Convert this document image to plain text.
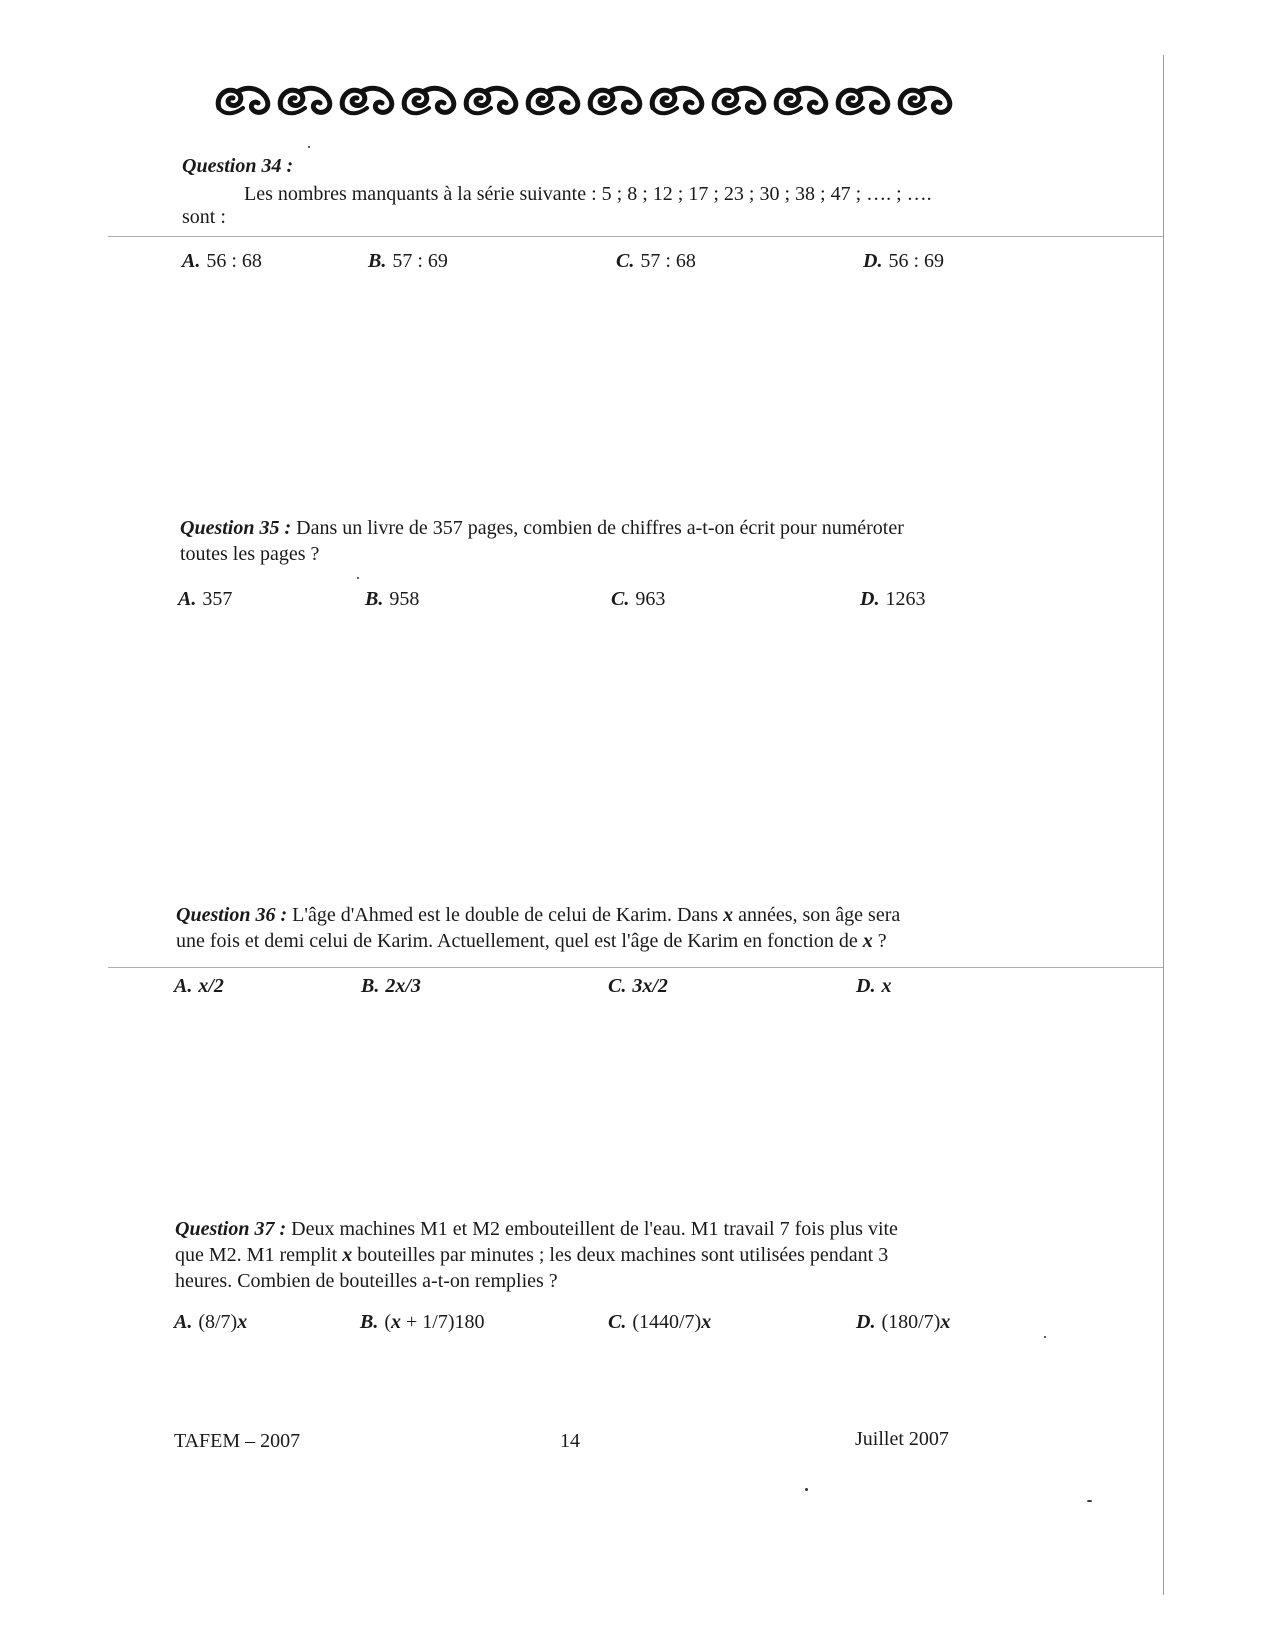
Question 34 :
Les nombres manquants à la série suivante : 5 ; 8 ; 12 ; 17 ; 23 ; 30 ; 38 ; 47 ; …. ; ….
sont :
A. 56 : 68	B. 57 : 69	C. 57 : 68	D. 56 : 69
Question 35 : Dans un livre de 357 pages, combien de chiffres a-t-on écrit pour numéroter
toutes les pages ?
A. 357	B. 958	C. 963	D. 1263
Question 36 : L'âge d'Ahmed est le double de celui de Karim. Dans x années, son âge sera
une fois et demi celui de Karim. Actuellement, quel est l'âge de Karim en fonction de x ?
A. x/2	B. 2x/3	C. 3x/2	D. x
Question 37 : Deux machines M1 et M2 embouteillent de l'eau. M1 travail 7 fois plus vite
que M2. M1 remplit x bouteilles par minutes ; les deux machines sont utilisées pendant 3
heures. Combien de bouteilles a-t-on remplies ?
A. (8/7)x	B. (x + 1/7)180	C. (1440/7)x	D. (180/7)x
TAFEM – 2007	14	Juillet 2007
